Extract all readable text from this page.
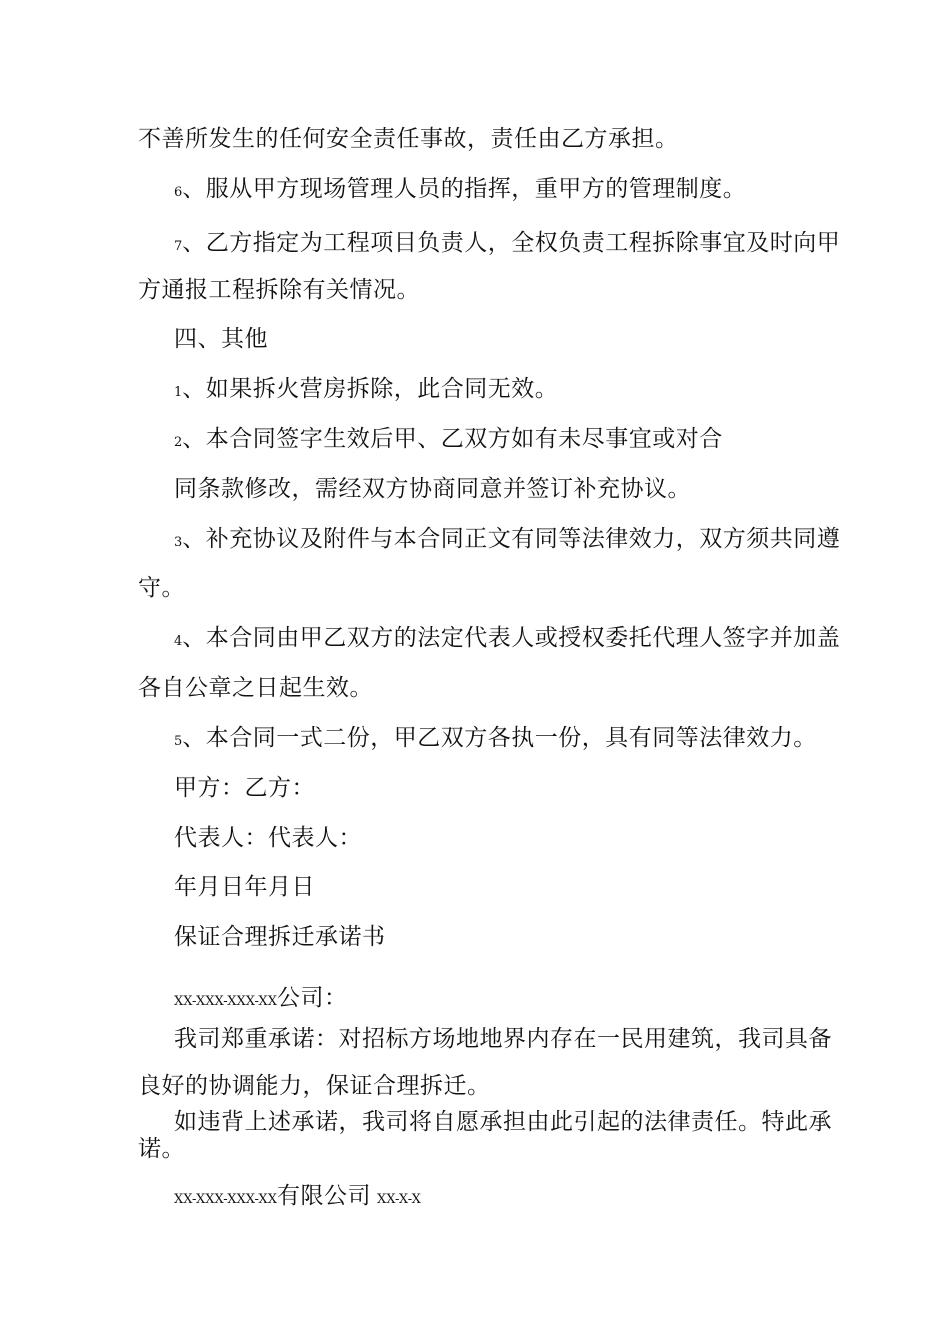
不善所发生的任何安全责任事故，责任由乙方承担。
6、服从甲方现场管理人员的指挥，重甲方的管理制度。
7、乙方指定为工程项目负责人，全权负责工程拆除事宜及时向甲
方通报工程拆除有关情况。
四、其他
1、如果拆火营房拆除，此合同无效。
2、本合同签字生效后甲、乙双方如有未尽事宜或对合
同条款修改，需经双方协商同意并签订补充协议。
3、补充协议及附件与本合同正文有同等法律效力，双方须共同遵
守。
4、本合同由甲乙双方的法定代表人或授权委托代理人签字并加盖
各自公章之日起生效。
5、本合同一式二份，甲乙双方各执一份，具有同等法律效力。
甲方：乙方：
代表人：代表人：
年月日年月日
保证合理拆迁承诺书
XX-XXX-XXX-XX公司：
我司郑重承诺：对招标方场地地界内存在一民用建筑，我司具备
良好的协调能力，保证合理拆迁。
如违背上述承诺，我司将自愿承担由此引起的法律责任。特此承
诺。
XX-XXX-XXX-XX有限公司 XX-X-X
